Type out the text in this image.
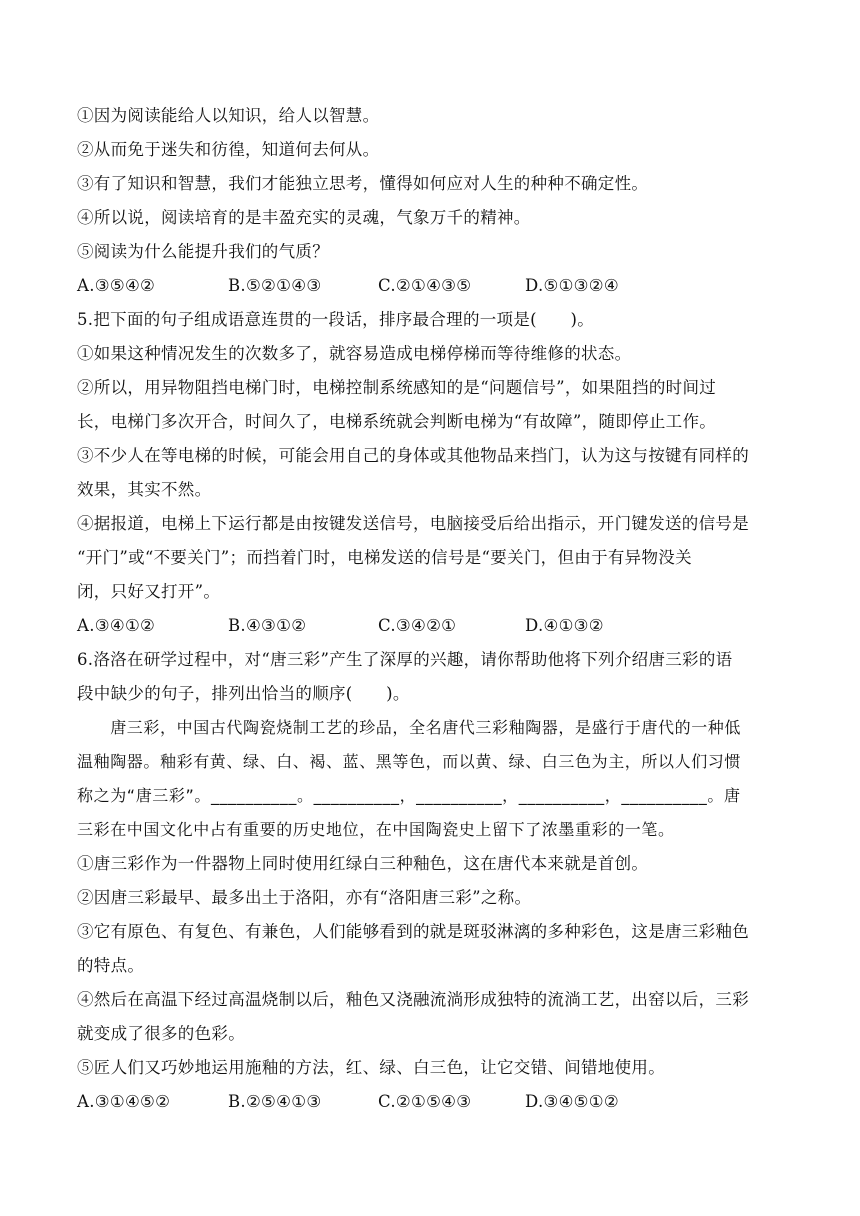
①因为阅读能给人以知识，给人以智慧。
②从而免于迷失和彷徨，知道何去何从。
③有了知识和智慧，我们才能独立思考，懂得如何应对人生的种种不确定性。
④所以说，阅读培育的是丰盈充实的灵魂，气象万千的精神。
⑤阅读为什么能提升我们的气质？
A.③⑤④②	B.⑤②①④③	C.②①④③⑤	D.⑤①③②④
5.把下面的句子组成语意连贯的一段话，排序最合理的一项是(　　)。
①如果这种情况发生的次数多了，就容易造成电梯停梯而等待维修的状态。
②所以，用异物阻挡电梯门时，电梯控制系统感知的是“问题信号”，如果阻挡的时间过
长，电梯门多次开合，时间久了，电梯系统就会判断电梯为“有故障”，随即停止工作。
③不少人在等电梯的时候，可能会用自己的身体或其他物品来挡门，认为这与按键有同样的
效果，其实不然。
④据报道，电梯上下运行都是由按键发送信号，电脑接受后给出指示，开门键发送的信号是
“开门”或“不要关门”；而挡着门时，电梯发送的信号是“要关门，但由于有异物没关
闭，只好又打开”。
A.③④①②	B.④③①②	C.③④②①	D.④①③②
6.洛洛在研学过程中，对“唐三彩”产生了深厚的兴趣，请你帮助他将下列介绍唐三彩的语
段中缺少的句子，排列出恰当的顺序(　　)。
　　唐三彩，中国古代陶瓷烧制工艺的珍品，全名唐代三彩釉陶器，是盛行于唐代的一种低
温釉陶器。釉彩有黄、绿、白、褐、蓝、黑等色，而以黄、绿、白三色为主，所以人们习惯
称之为“唐三彩”。__________。__________，__________，__________，__________。唐
三彩在中国文化中占有重要的历史地位，在中国陶瓷史上留下了浓墨重彩的一笔。
①唐三彩作为一件器物上同时使用红绿白三种釉色，这在唐代本来就是首创。
②因唐三彩最早、最多出土于洛阳，亦有“洛阳唐三彩”之称。
③它有原色、有复色、有兼色，人们能够看到的就是斑驳淋漓的多种彩色，这是唐三彩釉色
的特点。
④然后在高温下经过高温烧制以后，釉色又浇融流淌形成独特的流淌工艺，出窑以后，三彩
就变成了很多的色彩。
⑤匠人们又巧妙地运用施釉的方法，红、绿、白三色，让它交错、间错地使用。
A.③①④⑤②	B.②⑤④①③	C.②①⑤④③	D.③④⑤①②
